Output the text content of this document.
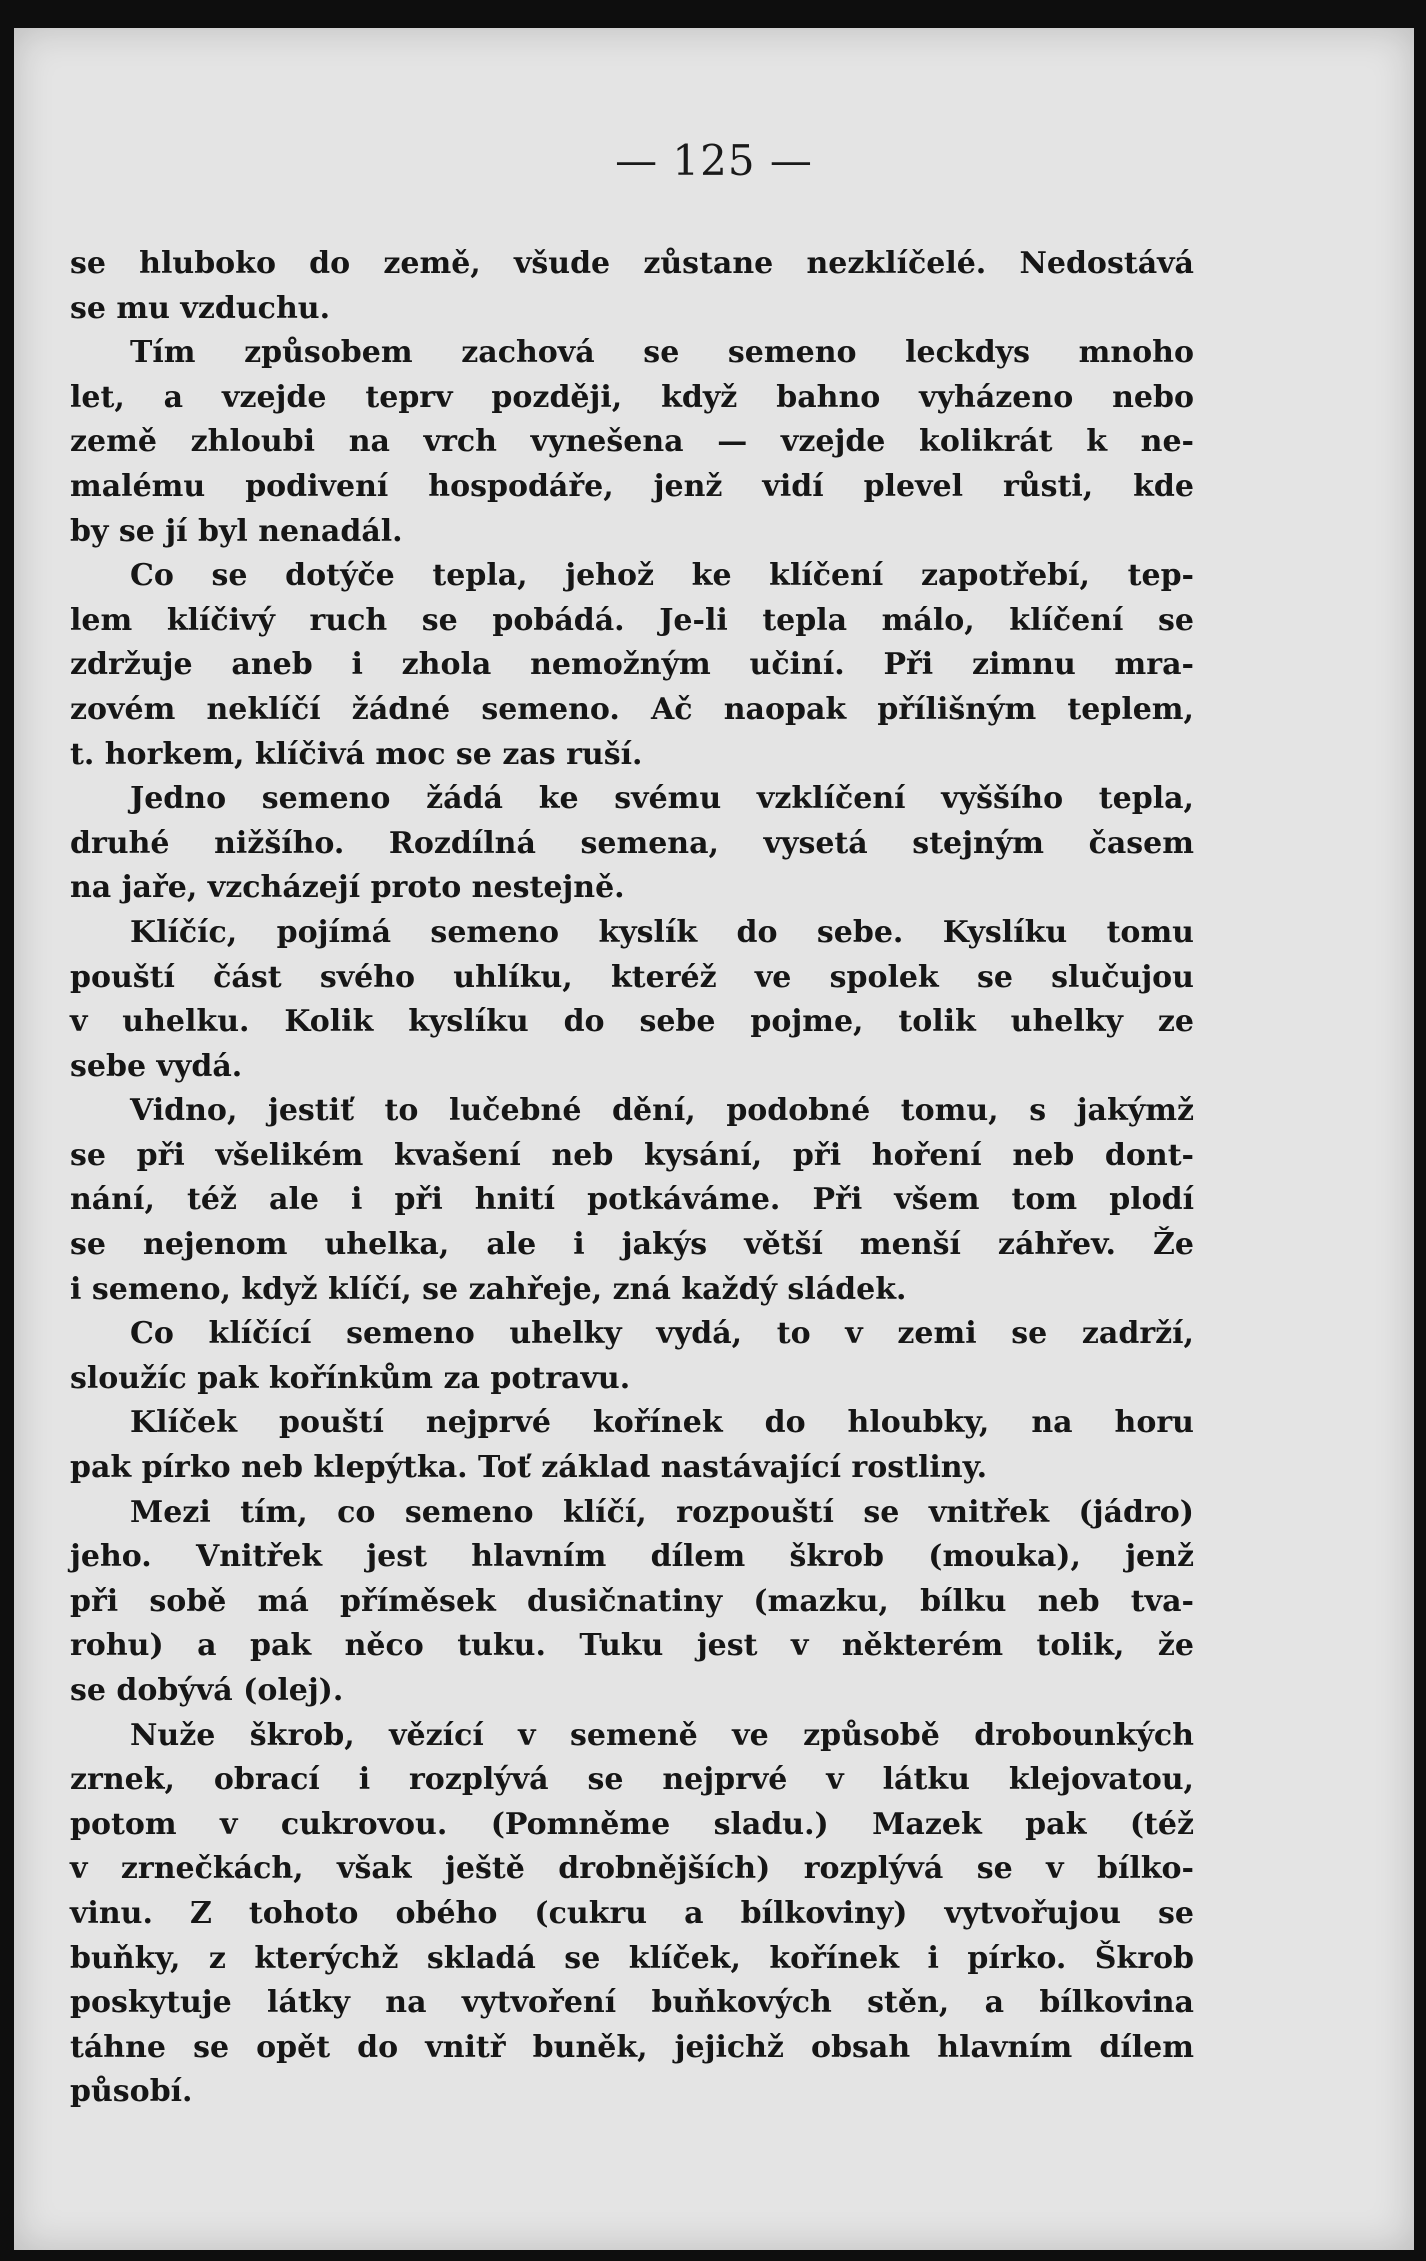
— 125 —
se hluboko do země, všude zůstane nezklíčelé. Nedostává
se mu vzduchu.
Tím způsobem zachová se semeno leckdys mnoho
let, a vzejde teprv později, když bahno vyházeno nebo
země zhloubi na vrch vynešena — vzejde kolikrát k ne-
malému podivení hospodáře, jenž vidí plevel růsti, kde
by se jí byl nenadál.
Co se dotýče tepla, jehož ke klíčení zapotřebí, tep-
lem klíčivý ruch se pobádá. Je-li tepla málo, klíčení se
zdržuje aneb i zhola nemožným učiní. Při zimnu mra-
zovém neklíčí žádné semeno. Ač naopak přílišným teplem,
t. horkem, klíčivá moc se zas ruší.
Jedno semeno žádá ke svému vzklíčení vyššího tepla,
druhé nižšího. Rozdílná semena, vysetá stejným časem
na jaře, vzcházejí proto nestejně.
Klíčíc, pojímá semeno kyslík do sebe. Kyslíku tomu
pouští část svého uhlíku, kteréž ve spolek se slučujou
v uhelku. Kolik kyslíku do sebe pojme, tolik uhelky ze
sebe vydá.
Vidno, jestiť to lučebné dění, podobné tomu, s jakýmž
se při všelikém kvašení neb kysání, při hoření neb dont-
nání, též ale i při hnití potkáváme. Při všem tom plodí
se nejenom uhelka, ale i jakýs větší menší záhřev. Že
i semeno, když klíčí, se zahřeje, zná každý sládek.
Co klíčící semeno uhelky vydá, to v zemi se zadrží,
sloužíc pak kořínkům za potravu.
Klíček pouští nejprvé kořínek do hloubky, na horu
pak pírko neb klepýtka. Toť základ nastávající rostliny.
Mezi tím, co semeno klíčí, rozpouští se vnitřek (jádro)
jeho. Vnitřek jest hlavním dílem škrob (mouka), jenž
při sobě má příměsek dusičnatiny (mazku, bílku neb tva-
rohu) a pak něco tuku. Tuku jest v některém tolik, že
se dobývá (olej).
Nuže škrob, vězící v semeně ve způsobě drobounkých
zrnek, obrací i rozplývá se nejprvé v látku klejovatou,
potom v cukrovou. (Pomněme sladu.) Mazek pak (též
v zrnečkách, však ještě drobnějších) rozplývá se v bílko-
vinu. Z tohoto obého (cukru a bílkoviny) vytvořujou se
buňky, z kterýchž skladá se klíček, kořínek i pírko. Škrob
poskytuje látky na vytvoření buňkových stěn, a bílkovina
táhne se opět do vnitř buněk, jejichž obsah hlavním dílem
působí.
